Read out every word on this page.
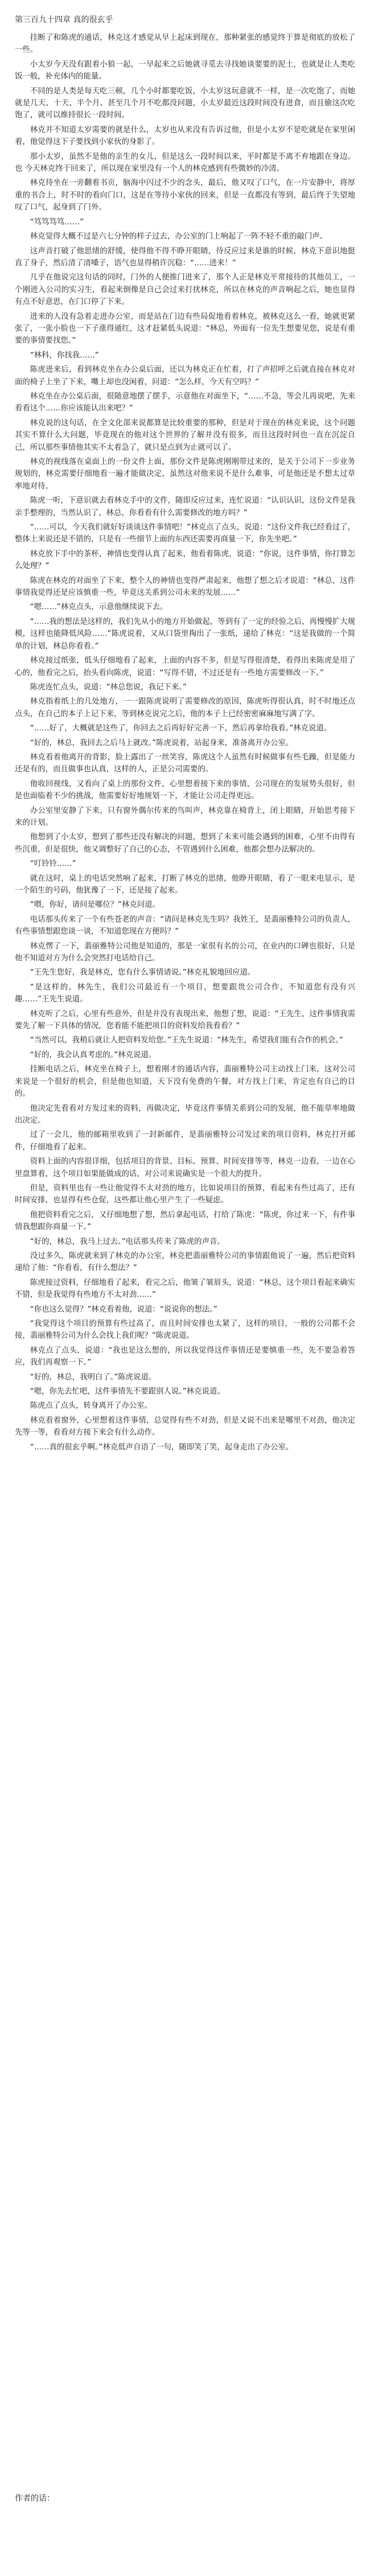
第三百九十四章 真的很玄乎

挂断了和陈虎的通话，林克这才感觉从早上起床到现在，那种紧张的感觉终于算是彻底的放松了一些。

小太岁今天没有跟着小狼一起，一早起来之后她就寻觅去寻找她谈要要的泥土，也就是让人类吃饭一般，补充体内的能量。

不同的是人类是每天吃三顿，几个小时都要吃饭，小太岁这玩意就不一样，是一次吃饱了，而她就是几天、十天、半个月、甚至几个月不吃都没问题，小太岁最近这段时间没有进食，而且偷这次吃饱了，就可以维持很长一段时间。

林克并不知道太岁需要的就是什么，太岁也从来没有告诉过他，但是小太岁不是吃就是在家里闲着，他觉得这下子要找到小家伙的身影了。

那小太岁，虽然不是他的亲生的女儿，但是这么一段时间以来，平时都是不离不弃地跟在身边。也 今天林克终于回来了，所以现在家里没有一个人的林克感到有些微妙的冷清。

林克待坐在一旁翻着书页，脑海中闪过不少的念头，最后，他又叹了口气，在一片安静中，将厚重的书合上，时不时的看向门口，这是在等待小家伙的回来，但是一直都没有等到，最后终于失望地叹了口气，起身到了门外。

“笃笃笃笃……”

林克觉得大概不过是六七分钟的样子过去，办公室的门上响起了一阵不轻不重的敲门声。

这声音打破了他思绪的舒缓，使得他不得不睁开眼睛，待反应过来是谁的时候，林克下意识地挺直了身子，然后清了清嗓子，语气也显得稍许沉稳：“……进来！”

几乎在他说完这句话的同时，门外的人便推门进来了，那个人正是林克平常接待的其他员工，一个刚进入公司的实习生，看起来倒像是自己会过来打扰林克，所以在林克的声音响起之后，她也显得有点不好意思，在门口停了下来。

进来的人没有急着走进办公室，而是站在门边有些局促地看着林克，被林克这么一看，她就更紧张了，一张小脸也一下子涨得通红，这才赶紧低头说道：“林总，外面有一位先生想要见您，说是有重要的事情要找您。”

“林科，你找我……”

陈虎进来后，看到林克坐在办公桌后面，还以为林克正在忙着，打了声招呼之后就直接在林克对面的椅子上坐了下来，嘴上却也没闲着，问道：“怎么样，今天有空吗？”

林克坐在办公桌后面，很随意地摆了摆手，示意他在对面坐下，“……不急，等会儿再说吧，先来看看这个……你应该能认出来吧？”

林克说的这句话，在全文化部来说都算是比较重要的那种，但是对于现在的林克来说，这个问题其实不算什么大问题，毕竟现在的他对这个世界的了解并没有很多，而且这段时间也一直在沉淀自己，所以那些事情他其实不太着急了，就只是点到为止就可以了。

林克的视线落在桌面上的一份文件上面，那份文件是陈虎刚刚带过来的，是关于公司下一步业务规划的，林克需要仔细地看一遍才能做决定，虽然这对他来说不是什么难事，可是他还是不想太过草率地对待。

陈虎一听，下意识就去看林克手中的文件，随即反应过来，连忙说道：“认识认识，这份文件是我亲手整理的，当然认识了，林总，你看看有什么需要修改的地方吗？”

“……可以，今天我们就好好谈谈这件事情吧！”林克点了点头，说道：“这份文件我已经看过了，整体上来说还是不错的，只是有一些细节上面的东西还需要再商量一下，你先坐吧。”

林克放下手中的茶杯，神情也变得认真了起来，他看着陈虎，说道：“你说，这件事情，你打算怎么处理？”

陈虎在林克的对面坐了下来，整个人的神情也变得严肃起来，他想了想之后才说道：“林总，这件事情我觉得还是应该慎重一些，毕竟这关系到公司未来的发展……”

“嗯……”林克点头，示意他继续说下去。

“……我的想法是这样的，我们先从小的地方开始做起，等到有了一定的经验之后，再慢慢扩大规模，这样也能降低风险……”陈虎说着，又从口袋里掏出了一张纸，递给了林克：“这是我做的一个简单的计划，林总你看看。”

林克接过纸张，低头仔细地看了起来，上面的内容不多，但是写得很清楚，看得出来陈虎是用了心的，他看完之后，抬头看向陈虎，说道：“写得不错，不过还是有一些地方需要修改一下。”

陈虎连忙点头，说道：“林总您说，我记下来。”

林克指着纸上的几处地方，一一跟陈虎说明了需要修改的原因，陈虎听得很认真，时不时地还点点头，在自己的本子上记下来，等到林克说完之后，他的本子上已经密密麻麻地写满了字。

“……好了，大概就是这些了，你回去之后再好好完善一下，然后再拿给我看。”林克说道。

“好的，林总，我回去之后马上就改。”陈虎说着，站起身来，准备离开办公室。

林克看着他离开的背影，脸上露出了一丝笑容，陈虎这个人虽然有时候做事有些毛躁，但是能力还是有的，而且做事也认真，这样的人，正是公司需要的。

他收回视线，又看向了桌上的那份文件，心里想着接下来的事情，公司现在的发展势头很好，但是也面临着不少的挑战，他需要好好地规划一下，才能让公司走得更远。

办公室里安静了下来，只有窗外偶尔传来的鸟叫声，林克靠在椅背上，闭上眼睛，开始思考接下来的计划。

他想到了小太岁，想到了那些还没有解决的问题，想到了未来可能会遇到的困难，心里不由得有些沉重，但是很快，他又调整好了自己的心态，不管遇到什么困难，他都会想办法解决的。

“叮铃铃……”

就在这时，桌上的电话突然响了起来，打断了林克的思绪，他睁开眼睛，看了一眼来电显示，是一个陌生的号码，他犹豫了一下，还是接了起来。

“喂，你好，请问是哪位？”林克问道。

电话那头传来了一个有些苍老的声音：“请问是林克先生吗？我姓王，是翡丽雅特公司的负责人，有些事情想跟您谈一谈，不知道您现在方便吗？”

林克愣了一下，翡丽雅特公司他是知道的，那是一家很有名的公司，在业内的口碑也很好，只是他不知道对方为什么会突然打电话给自己。

“王先生您好，我是林克，您有什么事情请说。”林克礼貌地回应道。

“是这样的，林先生，我们公司最近有一个项目，想要跟贵公司合作，不知道您有没有兴趣……”王先生说道。

林克听了之后，心里有些意外，但是并没有表现出来，他想了想，说道：“王先生，这件事情我需要先了解一下具体的情况，您看能不能把项目的资料发给我看看？”

“当然可以，我稍后就让人把资料发给您。”王先生说道：“林先生，希望我们能有合作的机会。”

“好的，我会认真考虑的。”林克说道。

挂断电话之后，林克坐在椅子上，想着刚才的通话内容，翡丽雅特公司主动找上门来，这对公司来说是一个很好的机会，但是他也知道，天下没有免费的午餐，对方找上门来，肯定也有自己的目的。

他决定先看看对方发过来的资料，再做决定，毕竟这件事情关系到公司的发展，他不能草率地做出决定。

过了一会儿，他的邮箱里收到了一封新邮件，是翡丽雅特公司发过来的项目资料，林克打开邮件，仔细地看了起来。

资料上面的内容很详细，包括项目的背景、目标、预算、时间安排等等，林克一边看，一边在心里盘算着，这个项目如果能做成的话，对公司来说确实是一个很大的提升。

但是，资料里也有一些让他觉得不太对劲的地方，比如说项目的预算，看起来有些过高了，还有时间安排，也显得有些仓促，这些都让他心里产生了一些疑虑。

他把资料看完之后，又仔细地想了想，然后拿起电话，打给了陈虎：“陈虎，你过来一下，有件事情我想跟你商量一下。”

“好的，林总，我马上过去。”电话那头传来了陈虎的声音。

没过多久，陈虎就来到了林克的办公室，林克把翡丽雅特公司的事情跟他说了一遍，然后把资料递给了他：“你看看，有什么想法？”

陈虎接过资料，仔细地看了起来，看完之后，他皱了皱眉头，说道：“林总，这个项目看起来确实不错，但是我觉得有些地方不太对劲……”

“你也这么觉得？”林克看着他，说道：“说说你的想法。”

“我觉得这个项目的预算有些过高了，而且时间安排也太紧了，这样的项目，一般的公司都不会接，翡丽雅特公司为什么会找上我们呢？”陈虎说道。

林克点了点头，说道：“我也是这么想的，所以我觉得这件事情还是要慎重一些，先不要急着答应，我们再观察一下。”

“好的，林总，我明白了。”陈虎说道。

“嗯，你先去忙吧，这件事情先不要跟别人说。”林克说道。

陈虎点了点头，转身离开了办公室。

林克看着窗外，心里想着这件事情，总觉得有些不对劲，但是又说不出来是哪里不对劲，他决定先等一等，看看对方接下来会有什么动作。

“……真的很玄乎啊。”林克低声自语了一句，随即笑了笑，起身走出了办公室。

作者的话：
